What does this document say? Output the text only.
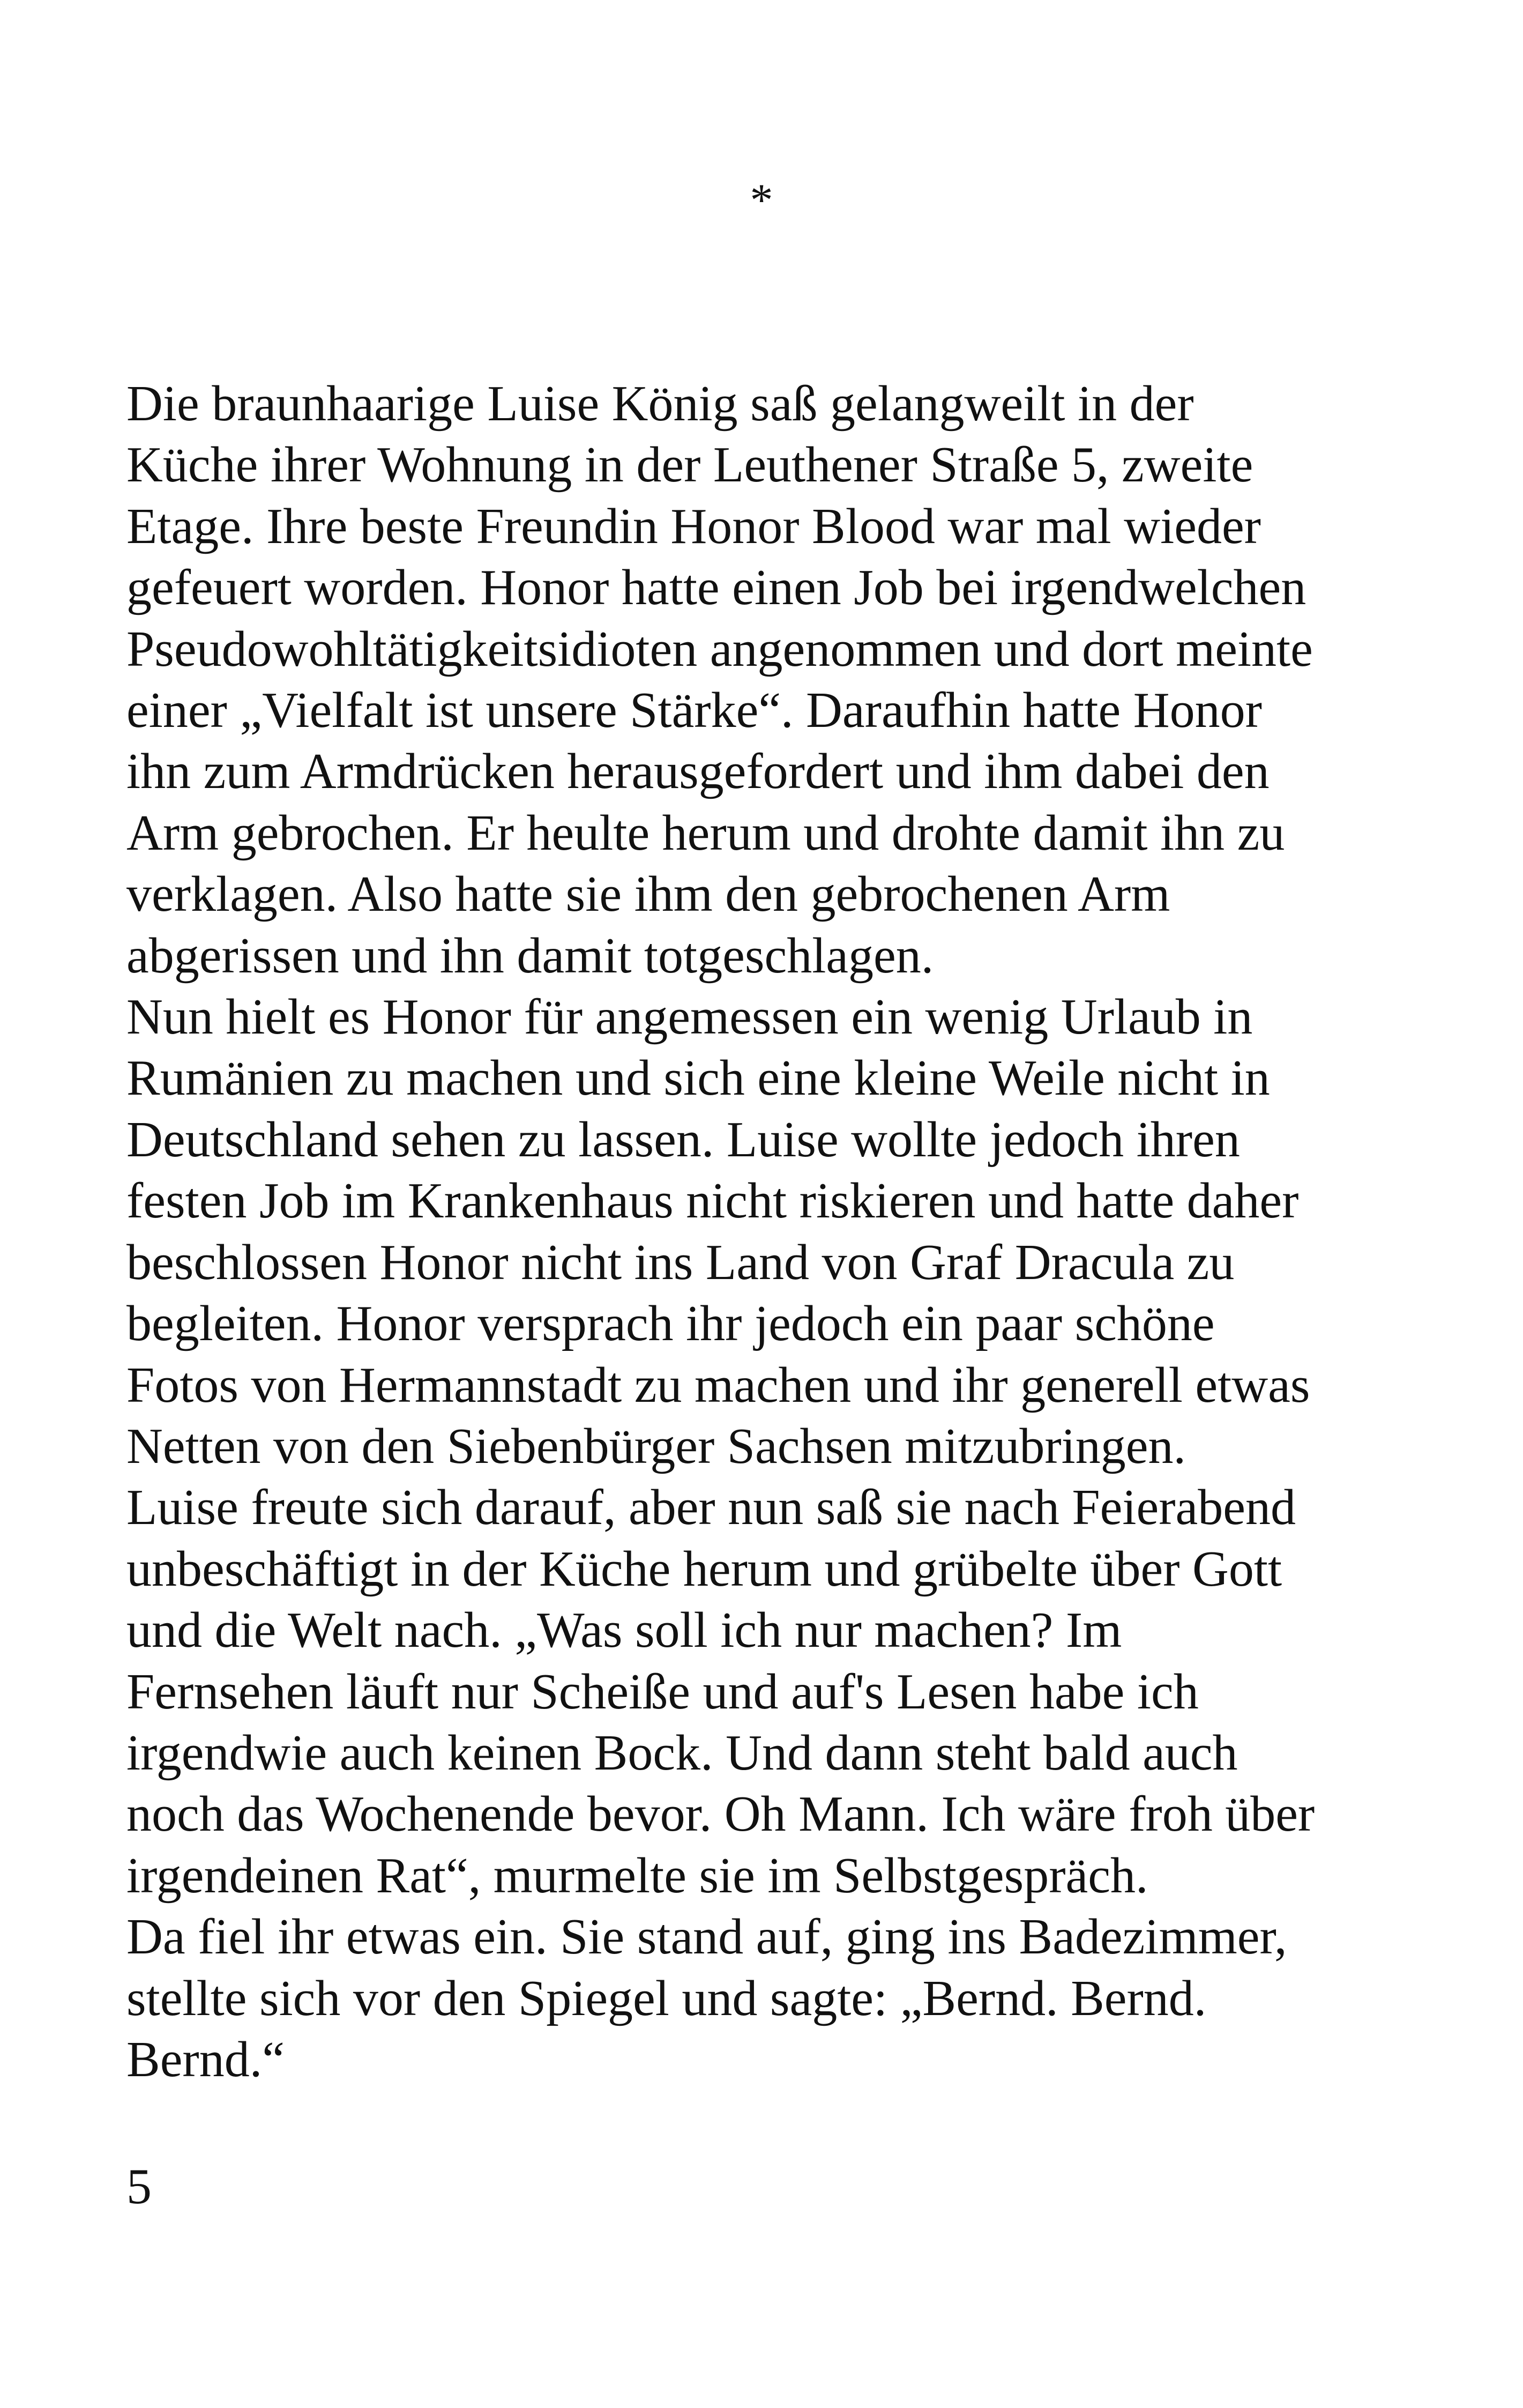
*
Die braunhaarige Luise König saß gelangweilt in der
Küche ihrer Wohnung in der Leuthener Straße 5, zweite
Etage. Ihre beste Freundin Honor Blood war mal wieder
gefeuert worden. Honor hatte einen Job bei irgendwelchen
Pseudowohltätigkeitsidioten angenommen und dort meinte
einer „Vielfalt ist unsere Stärke“. Daraufhin hatte Honor
ihn zum Armdrücken herausgefordert und ihm dabei den
Arm gebrochen. Er heulte herum und drohte damit ihn zu
verklagen. Also hatte sie ihm den gebrochenen Arm
abgerissen und ihn damit totgeschlagen.
Nun hielt es Honor für angemessen ein wenig Urlaub in
Rumänien zu machen und sich eine kleine Weile nicht in
Deutschland sehen zu lassen. Luise wollte jedoch ihren
festen Job im Krankenhaus nicht riskieren und hatte daher
beschlossen Honor nicht ins Land von Graf Dracula zu
begleiten. Honor versprach ihr jedoch ein paar schöne
Fotos von Hermannstadt zu machen und ihr generell etwas
Netten von den Siebenbürger Sachsen mitzubringen.
Luise freute sich darauf, aber nun saß sie nach Feierabend
unbeschäftigt in der Küche herum und grübelte über Gott
und die Welt nach. „Was soll ich nur machen? Im
Fernsehen läuft nur Scheiße und auf's Lesen habe ich
irgendwie auch keinen Bock. Und dann steht bald auch
noch das Wochenende bevor. Oh Mann. Ich wäre froh über
irgendeinen Rat“, murmelte sie im Selbstgespräch.
Da fiel ihr etwas ein. Sie stand auf, ging ins Badezimmer,
stellte sich vor den Spiegel und sagte: „Bernd. Bernd.
Bernd.“
5
